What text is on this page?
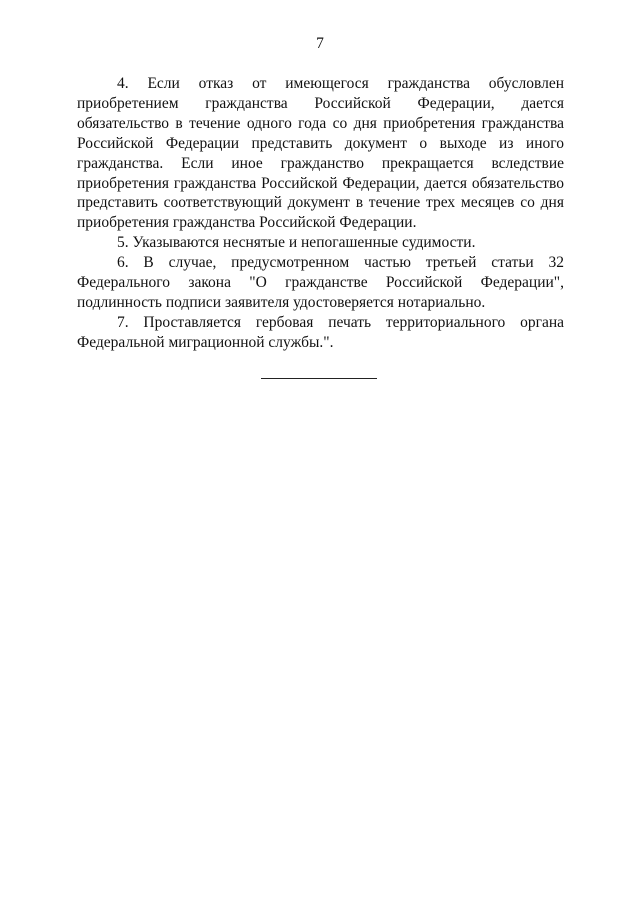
7

4. Если отказ от имеющегося гражданства обусловлен приобретением гражданства Российской Федерации, дается обязательство в течение одного года со дня приобретения гражданства Российской Федерации представить документ о выходе из иного гражданства. Если иное гражданство прекращается вследствие приобретения гражданства Российской Федерации, дается обязательство представить соответствующий документ в течение трех месяцев со дня приобретения гражданства Российской Федерации.

5. Указываются неснятые и непогашенные судимости.

6. В случае, предусмотренном частью третьей статьи 32 Федерального закона "О гражданстве Российской Федерации", подлинность подписи заявителя удостоверяется нотариально.

7. Проставляется гербовая печать территориального органа Федеральной миграционной службы.".
